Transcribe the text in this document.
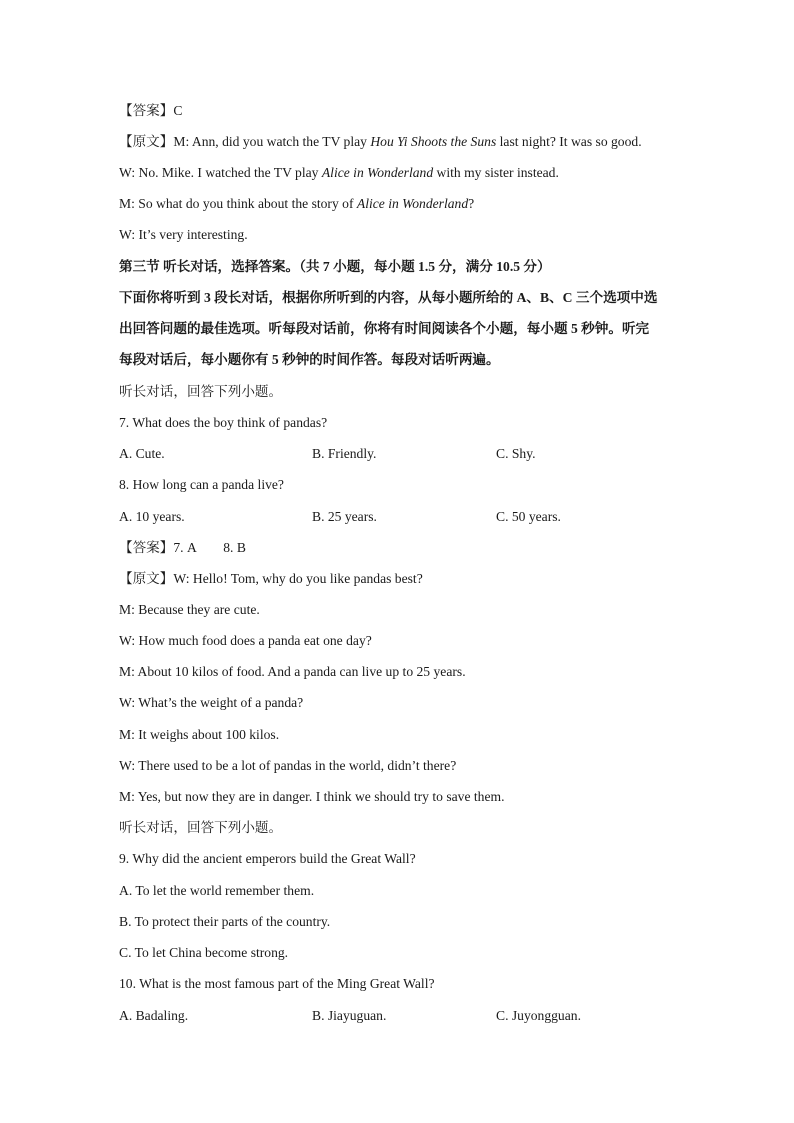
【答案】C
【原文】M: Ann, did you watch the TV play Hou Yi Shoots the Suns last night? It was so good.
W: No. Mike. I watched the TV play Alice in Wonderland with my sister instead.
M: So what do you think about the story of Alice in Wonderland?
W: It’s very interesting.
第三节 听长对话，选择答案。（共 7 小题，每小题 1.5 分，满分 10.5 分）
下面你将听到 3 段长对话，根据你所听到的内容，从每小题所给的 A、B、C 三个选项中选
出回答问题的最佳选项。听每段对话前，你将有时间阅读各个小题，每小题 5 秒钟。听完
每段对话后，每小题你有 5 秒钟的时间作答。每段对话听两遍。
听长对话，回答下列小题。
7. What does the boy think of pandas?
A. Cute.	B. Friendly.	C. Shy.
8. How long can a panda live?
A. 10 years.	B. 25 years.	C. 50 years.
【答案】7. A        8. B
【原文】W: Hello! Tom, why do you like pandas best?
M: Because they are cute.
W: How much food does a panda eat one day?
M: About 10 kilos of food. And a panda can live up to 25 years.
W: What’s the weight of a panda?
M: It weighs about 100 kilos.
W: There used to be a lot of pandas in the world, didn’t there?
M: Yes, but now they are in danger. I think we should try to save them.
听长对话，回答下列小题。
9. Why did the ancient emperors build the Great Wall?
A. To let the world remember them.
B. To protect their parts of the country.
C. To let China become strong.
10. What is the most famous part of the Ming Great Wall?
A. Badaling.	B. Jiayuguan.	C. Juyongguan.
